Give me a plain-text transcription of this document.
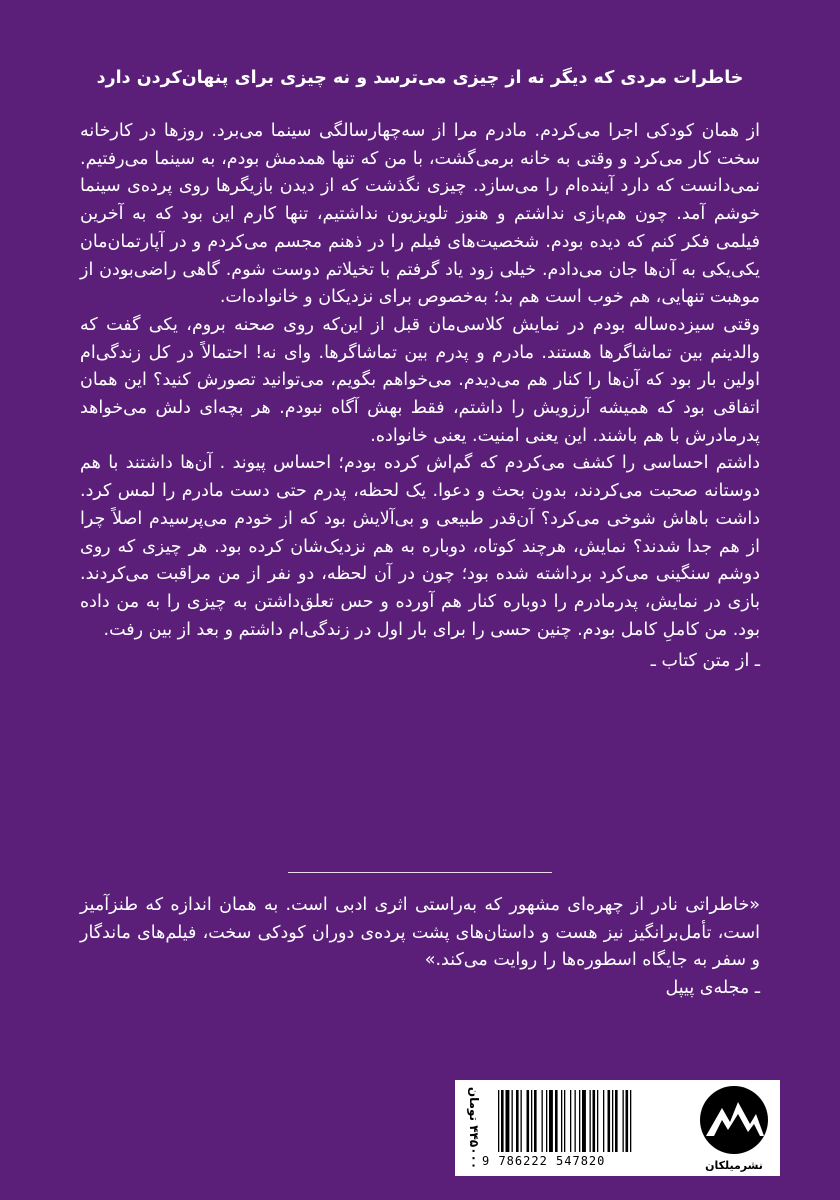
خاطرات مردی که دیگر نه از چیزی می‌ترسد و نه چیزی برای پنهان‌کردن دارد

از همان کودکی اجرا می‌کردم. مادرم مرا از سه‌چهارسالگی سینما می‌برد. روزها در کارخانه سخت کار می‌کرد و وقتی به خانه برمی‌گشت، با من که تنها همدمش بودم، به سینما می‌رفتیم. نمی‌دانست که دارد آینده‌ام را می‌سازد. چیزی نگذشت که از دیدن بازیگرها روی پرده‌ی سینما خوشم آمد. چون هم‌بازی نداشتم و هنوز تلویزیون نداشتیم، تنها کارم این بود که به آخرین فیلمی فکر کنم که دیده بودم. شخصیت‌های فیلم را در ذهنم مجسم می‌کردم و در آپارتمان‌مان یکی‌یکی به آن‌ها جان می‌دادم. خیلی زود یاد گرفتم با تخیلاتم دوست شوم. گاهی راضی‌بودن از موهبت تنهایی، هم خوب است هم بد؛ به‌خصوص برای نزدیکان و خانواده‌ات.

وقتی سیزده‌ساله بودم در نمایش کلاسی‌مان قبل از این‌که روی صحنه بروم، یکی گفت که والدینم بین تماشاگرها هستند. مادرم و پدرم بین تماشاگرها. وای نه! احتمالاً در کل زندگی‌ام اولین بار بود که آن‌ها را کنار هم می‌دیدم. می‌خواهم بگویم، می‌توانید تصورش کنید؟ این همان اتفاقی بود که همیشه آرزویش را داشتم، فقط بهش آگاه نبودم. هر بچه‌ای دلش می‌خواهد پدرمادرش با هم باشند. این یعنی امنیت. یعنی خانواده.

داشتم احساسی را کشف می‌کردم که گم‌اش کرده بودم؛ احساس پیوند . آن‌ها داشتند با هم دوستانه صحبت می‌کردند، بدون بحث و دعوا. یک لحظه، پدرم حتی دست مادرم را لمس کرد. داشت باهاش شوخی می‌کرد؟ آن‌قدر طبیعی و بی‌آلایش بود که از خودم می‌پرسیدم اصلاً چرا از هم جدا شدند؟ نمایش، هرچند کوتاه، دوباره به هم نزدیک‌شان کرده بود. هر چیزی که روی دوشم سنگینی می‌کرد برداشته شده بود؛ چون در آن لحظه، دو نفر از من مراقبت می‌کردند. بازی در نمایش، پدرمادرم را دوباره کنار هم آورده و حس تعلق‌داشتن به چیزی را به من داده بود. من کاملِ کامل بودم. چنین حسی را برای بار اول در زندگی‌ام داشتم و بعد از بین رفت.

ـ از متن کتاب ـ

«خاطراتی نادر از چهره‌ای مشهور که به‌راستی اثری ادبی است. به همان اندازه که طنزآمیز است، تأمل‌برانگیز نیز هست و داستان‌های پشت پرده‌ی دوران کودکی سخت، فیلم‌های ماندگار و سفر به جایگاه اسطوره‌ها را روایت می‌کند.»

ـ مجله‌ی پیپل

۴۴۵۰۰۰ تومان 9 786222 547820	نشرمیلکان
